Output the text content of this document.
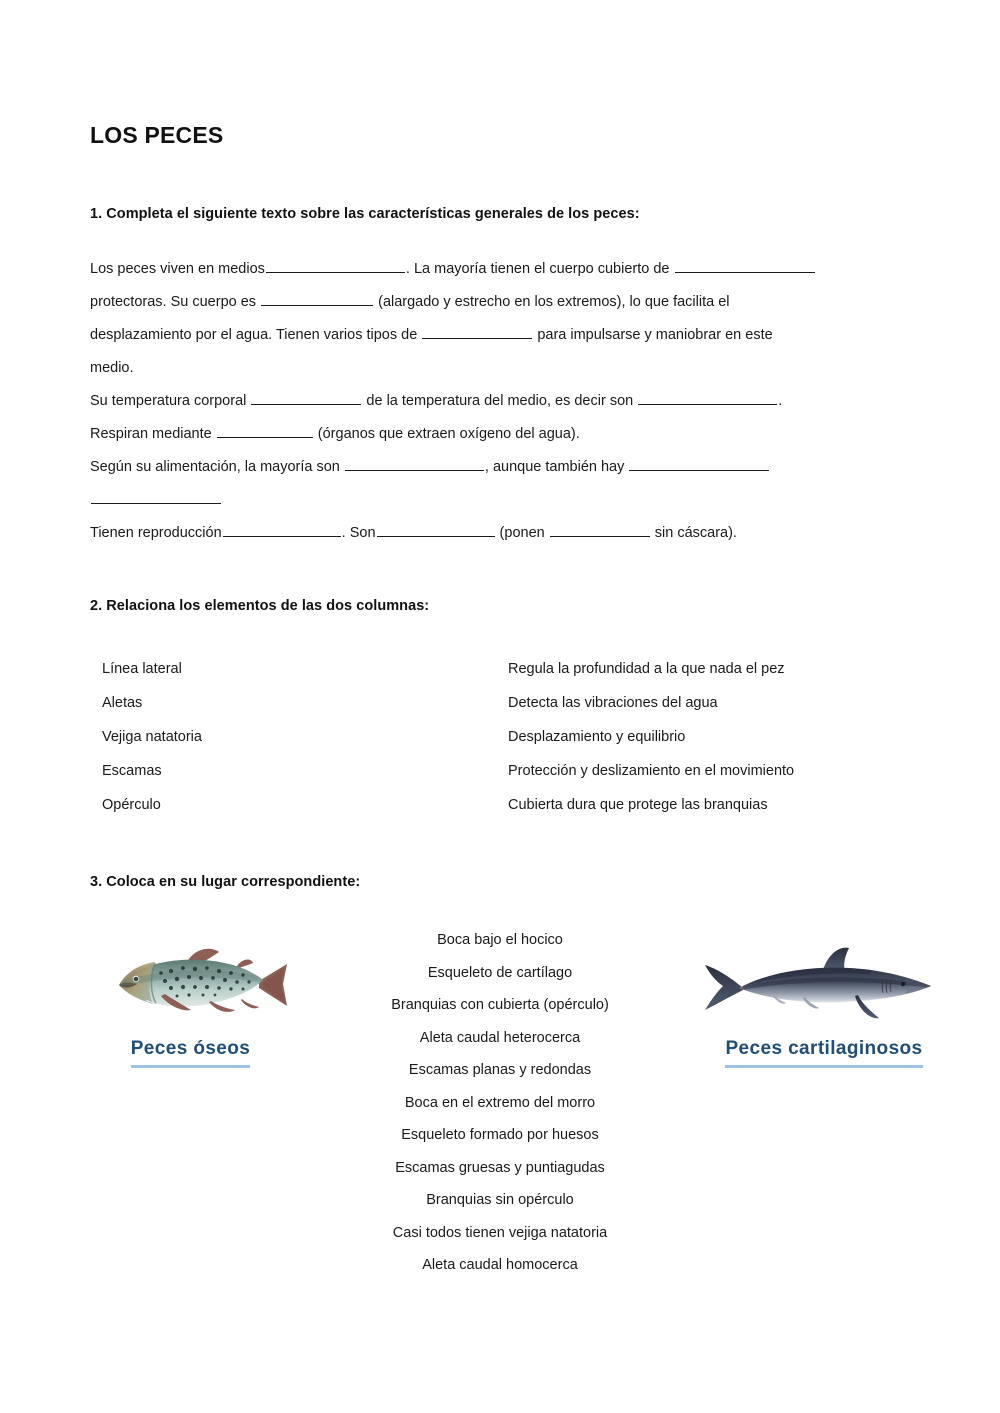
LOS PECES
1. Completa el siguiente texto sobre las características generales de los peces:
Los peces viven en medios	. La mayoría tienen el cuerpo cubierto de
protectoras. Su cuerpo es	(alargado y estrecho en los extremos), lo que facilita el
desplazamiento por el agua. Tienen varios tipos de	para impulsarse y maniobrar en este
medio.
Su temperatura corporal	de la temperatura del medio, es decir son	.
Respiran mediante	(órganos que extraen oxígeno del agua).
Según su alimentación, la mayoría son	, aunque también hay
Tienen reproducción	. Son	(ponen	sin cáscara).
2. Relaciona los elementos de las dos columnas:
Línea lateral	Regula la profundidad a la que nada el pez
Aletas	Detecta las vibraciones del agua
Vejiga natatoria	Desplazamiento y equilibrio
Escamas	Protección y deslizamiento en el movimiento
Opérculo	Cubierta dura que protege las branquias
3. Coloca en su lugar correspondiente:
Peces óseos
Boca bajo el hocico
Esqueleto de cartílago
Branquias con cubierta (opérculo)
Aleta caudal heterocerca
Escamas planas y redondas
Boca en el extremo del morro
Esqueleto formado por huesos
Escamas gruesas y puntiagudas
Branquias sin opérculo
Casi todos tienen vejiga natatoria
Aleta caudal homocerca
Peces cartilaginosos
